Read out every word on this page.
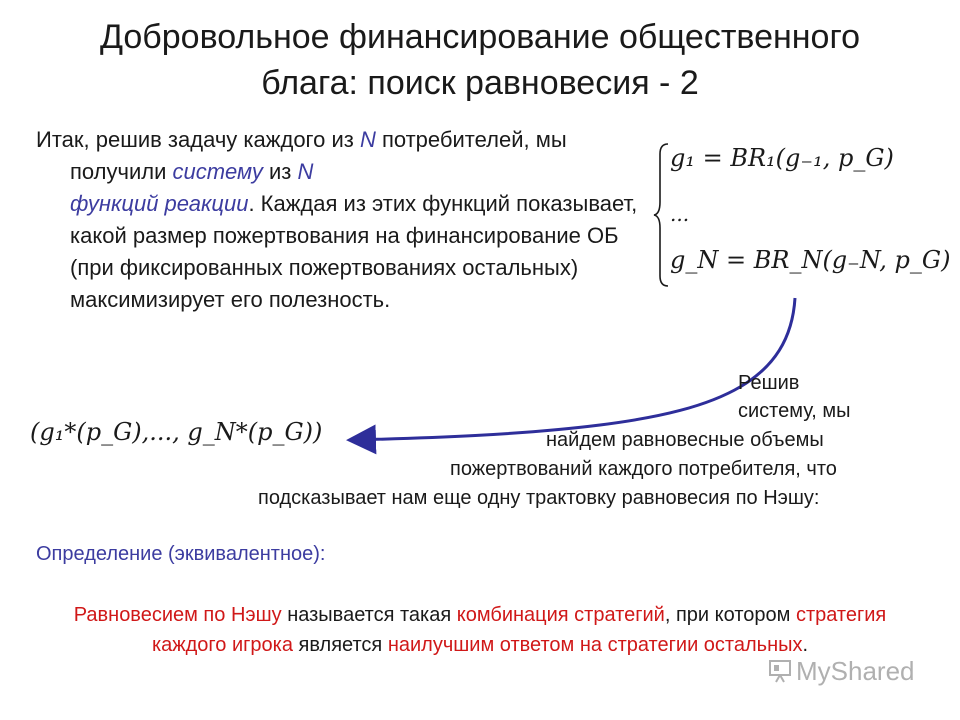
Добровольное финансирование общественного
блага: поиск равновесия - 2
Итак, решив задачу каждого из N потребителей, мы получили систему из N
функций реакции. Каждая из этих функций показывает, какой размер пожертвования на финансирование ОБ (при фиксированных пожертвованиях остальных) максимизирует его полезность.
g₁ = BR₁(g₋₁, p_G)
...
g_N = BR_N(g₋N, p_G)
(g₁*(p_G),..., g_N*(p_G))
Решив
систему, мы
найдем равновесные объемы
пожертвований каждого потребителя, что
подсказывает нам еще одну трактовку равновесия по Нэшу:
Определение (эквивалентное):
Равновесием по Нэшу называется такая комбинация стратегий, при котором стратегия каждого игрока является наилучшим ответом на стратегии остальных.
MyShared
